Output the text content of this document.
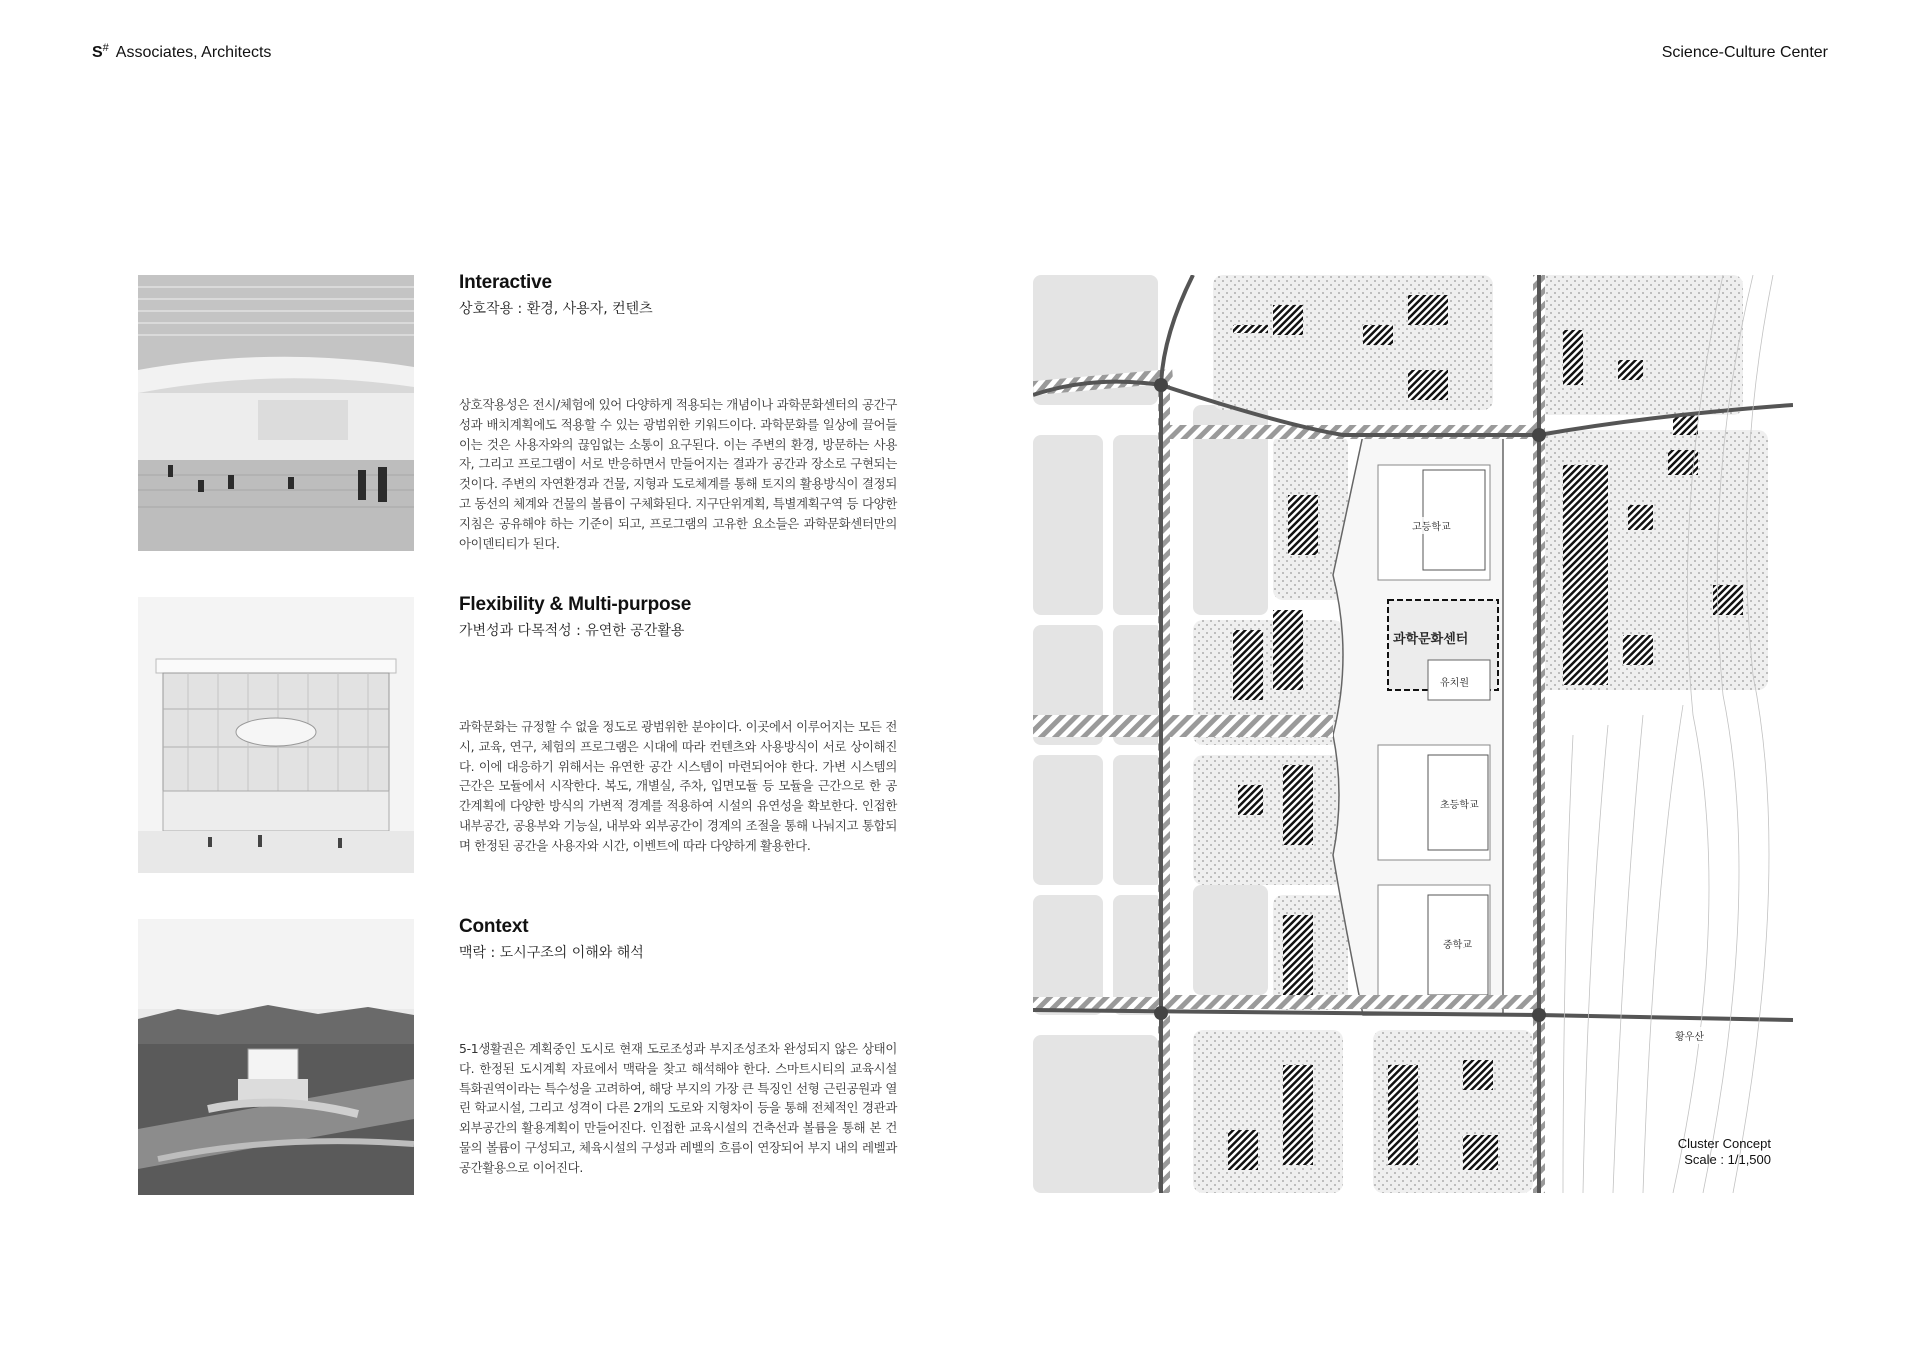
S# Associates, Architects	Science-Culture Center
Interactive

상호작용 : 환경, 사용자, 컨텐츠

상호작용성은 전시/체험에 있어 다양하게 적용되는 개념이나 과학문화센터의 공간구성과 배치계획에도 적용할 수 있는 광범위한 키워드이다. 과학문화를 일상에 끌어들이는 것은 사용자와의 끊임없는 소통이 요구된다. 이는 주변의 환경, 방문하는 사용자, 그리고 프로그램이 서로 반응하면서 만들어지는 결과가 공간과 장소로 구현되는 것이다. 주변의 자연환경과 건물, 지형과 도로체계를 통해 토지의 활용방식이 결정되고 동선의 체계와 건물의 볼륨이 구체화된다. 지구단위계획, 특별계획구역 등 다양한 지침은 공유해야 하는 기준이 되고, 프로그램의 고유한 요소들은 과학문화센터만의 아이덴티티가 된다.
Flexibility & Multi-purpose

가변성과 다목적성 : 유연한 공간활용

과학문화는 규정할 수 없을 정도로 광범위한 분야이다. 이곳에서 이루어지는 모든 전시, 교육, 연구, 체험의 프로그램은 시대에 따라 컨텐츠와 사용방식이 서로 상이해진다. 이에 대응하기 위해서는 유연한 공간 시스템이 마련되어야 한다. 가변 시스템의 근간은 모듈에서 시작한다. 복도, 개별실, 주차, 입면모듈 등 모듈을 근간으로 한 공간계획에 다양한 방식의 가변적 경계를 적용하여 시설의 유연성을 확보한다. 인접한 내부공간, 공용부와 기능실, 내부와 외부공간이 경계의 조절을 통해 나눠지고 통합되며 한정된 공간을 사용자와 시간, 이벤트에 따라 다양하게 활용한다.
Context

맥락 : 도시구조의 이해와 해석

5-1생활권은 계획중인 도시로 현재 도로조성과 부지조성조차 완성되지 않은 상태이다. 한정된 도시계획 자료에서 맥락을 찾고 해석해야 한다. 스마트시티의 교육시설 특화권역이라는 특수성을 고려하여, 해당 부지의 가장 큰 특징인 선형 근린공원과 열린 학교시설, 그리고 성격이 다른 2개의 도로와 지형차이 등을 통해 전체적인 경관과 외부공간의 활용계획이 만들어진다. 인접한 교육시설의 건축선과 볼륨을 통해 본 건물의 볼륨이 구성되고, 체육시설의 구성과 레벨의 흐름이 연장되어 부지 내의 레벨과 공간활용으로 이어진다.
고등학교
과학문화센터
유치원
초등학교
중학교
황우산
Cluster Concept
Scale : 1/1,500
